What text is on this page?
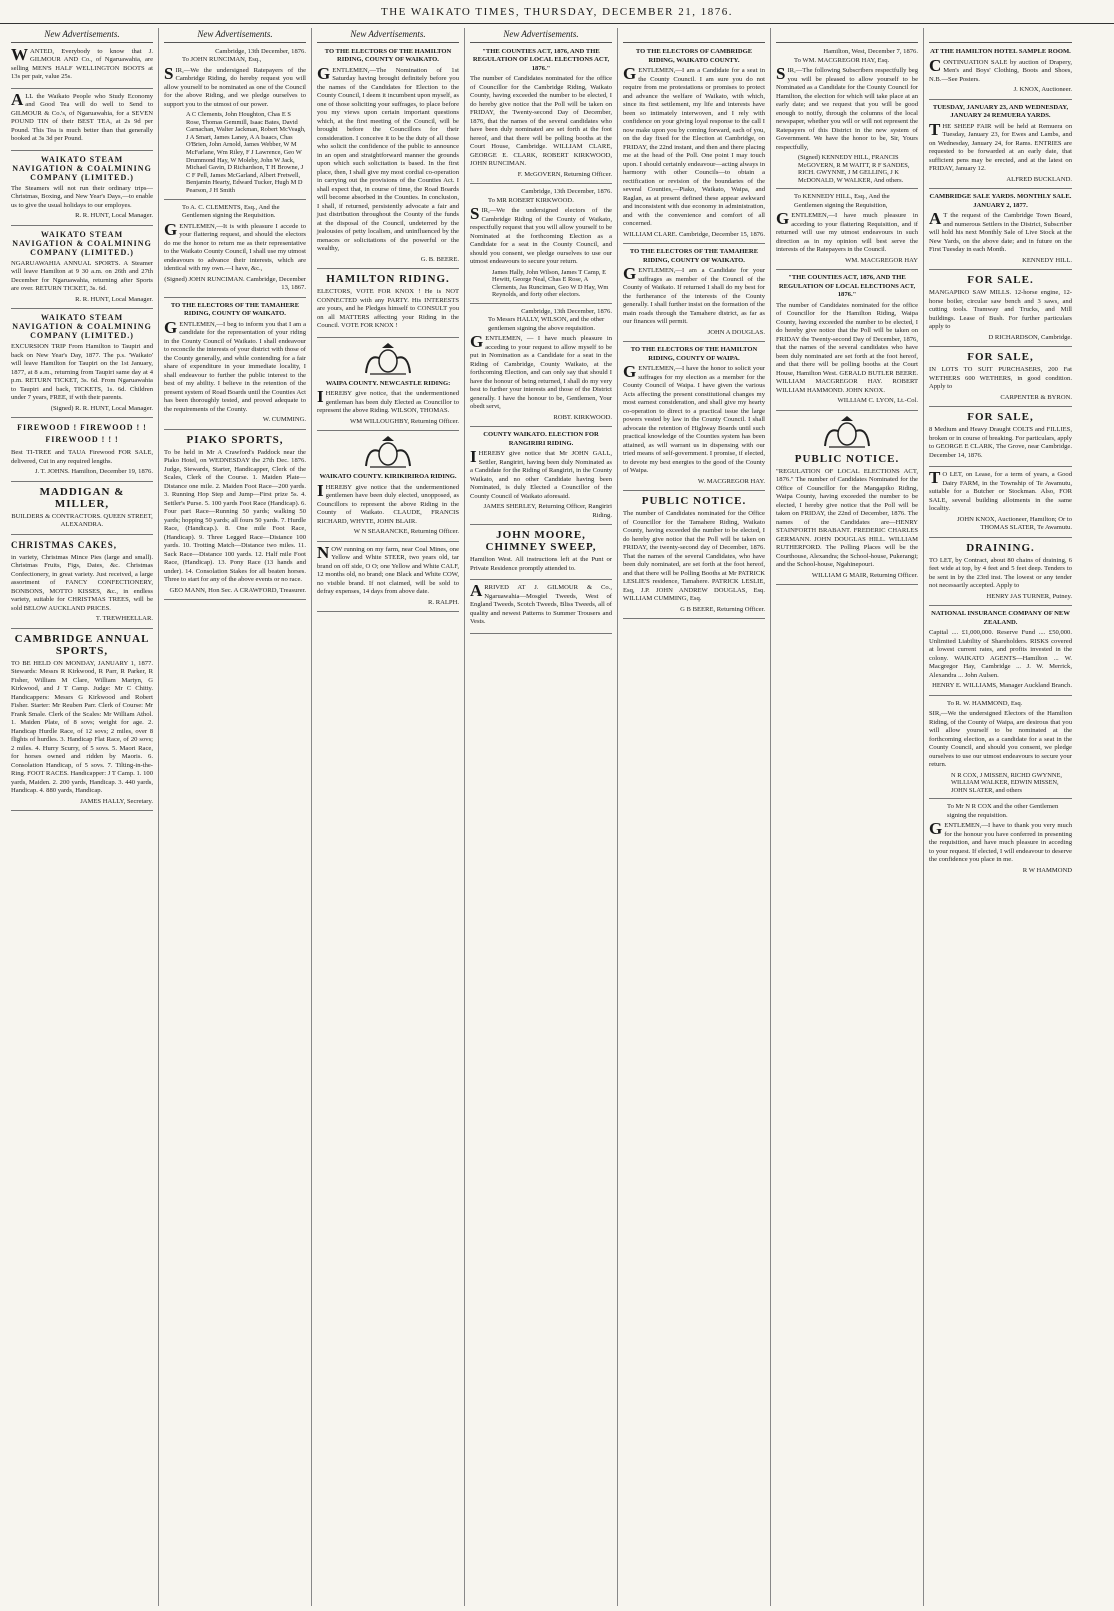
THE WAIKATO TIMES, THURSDAY, DECEMBER 21, 1876.
New Advertisements.

WANTED, Everybody to know that J. GILMOUR AND Co., of Ngaruawahia, are selling MEN'S HALF WELLINGTON BOOTS at 13s per pair, value 25s.

ALL the Waikato People who Study Economy and Good Tea will do well to Send to GILMOUR & Co.'s, of Ngaruawahia, for a SEVEN POUND TIN of their BEST TEA, at 2s 9d per Pound. This Tea is much better than that generally booked at 3s 3d per Pound.

WAIKATO STEAM NAVIGATION & COALMINING COMPANY (LIMITED.)

The Steamers will not run their ordinary trips—Christmas, Boxing, and New Year's Days,—to enable us to give the usual holidays to our employes.

R. R. HUNT, Local Manager.

WAIKATO STEAM NAVIGATION & COALMINING COMPANY (LIMITED.)

NGARUAWAHIA ANNUAL SPORTS. A Steamer will leave Hamilton at 9 30 a.m. on 26th and 27th December for Ngaruawahia, returning after Sports are over. RETURN TICKET, 3s. 6d.

R. R. HUNT, Local Manager.

WAIKATO STEAM NAVIGATION & COALMINING COMPANY (LIMITED.)

EXCURSION TRIP From Hamilton to Taupiri and back on New Year's Day, 1877. The p.s. 'Waikato' will leave Hamilton for Taupiri on the 1st January, 1877, at 8 a.m., returning from Taupiri same day at 4 p.m. RETURN TICKET, 3s. 6d. From Ngaruawahia to Taupiri and back, TICKETS, 1s. 6d. Children under 7 years, FREE, if with their parents.

(Signed) R. R. HUNT, Local Manager.

FIREWOOD ! FIREWOOD ! ! FIREWOOD ! ! !

Best TI-TREE and TAUA Firewood FOR SALE, delivered, Cut in any required lengths.

J. T. JOHNS. Hamilton, December 19, 1876.

MADDIGAN & MILLER,

BUILDERS & CONTRACTORS. QUEEN STREET, ALEXANDRA.

CHRISTMAS CAKES,

in variety, Christmas Mince Pies (large and small). Christmas Fruits, Figs, Dates, &c. Christmas Confectionery, in great variety. Just received, a large assortment of FANCY CONFECTIONERY, BONBONS, MOTTO KISSES, &c., in endless variety, suitable for CHRISTMAS TREES, will be sold BELOW AUCKLAND PRICES.

T. TREWHEELLAR.

CAMBRIDGE ANNUAL SPORTS,

TO BE HELD ON MONDAY, JANUARY 1, 1877. Stewards: Messrs R Kirkwood, R Parr, R Parker, R Fisher, William M Clare, William Martyn, G Kirkwood, and J T Camp. Judge: Mr C Chitty. Handicappers: Messrs G Kirkwood and Robert Fisher. Starter: Mr Reuben Parr. Clerk of Course: Mr Frank Smale. Clerk of the Scales: Mr William Athol. 1. Maiden Plate, of 8 sovs; weight for age. 2. Handicap Hurdle Race, of 12 sovs; 2 miles, over 8 flights of hurdles. 3. Handicap Flat Race, of 20 sovs; 2 miles. 4. Hurry Scurry, of 5 sovs. 5. Maori Race, for horses owned and ridden by Maoris. 6. Consolation Handicap, of 5 sovs. 7. Tilting-in-the-Ring. FOOT RACES. Handicapper: J T Camp. 1. 100 yards, Maiden. 2. 200 yards, Handicap. 3. 440 yards, Handicap. 4. 880 yards, Handicap.

JAMES HALLY, Secretary.

New Advertisements.

Cambridge, 13th December, 1876.

To JOHN RUNCIMAN, Esq.,

SIR,—We the undersigned Ratepayers of the Cambridge Riding, do hereby request you will allow yourself to be nominated as one of the Council for the above Riding, and we pledge ourselves to support you to the utmost of our power.

A C Clements, John Houghton, Chas E S Rose, Thomas Gemmill, Isaac Bates, David Carnachan, Walter Jackman, Robert McVeagh, J A Smart, James Laney, A A Isaacs, Chas O'Brien, John Arnold, James Webber, W M McFarlane, Wm Riley, F J Lawrence, Geo W Drummond Hay, W Moleby, John W Jack, Michael Gavin, D Richardson, T H Browne, J C F Pell, James McGarland, Albert Fretwell, Benjamin Hearty, Edward Tucker, Hugh M D Pearson, J H Smith

To A. C. CLEMENTS, Esq., And the Gentlemen signing the Requisition.

GENTLEMEN,—It is with pleasure I accede to your flattering request, and should the electors do me the honor to return me as their representative to the Waikato County Council, I shall use my utmost endeavours to advance their interests, which are identical with my own.—I have, &c.,

(Signed) JOHN RUNCIMAN. Cambridge, December 13, 1867.

TO THE ELECTORS OF THE TAMAHERE RIDING, COUNTY OF WAIKATO.

GENTLEMEN,—I beg to inform you that I am a candidate for the representation of your riding in the County Council of Waikato. I shall endeavour to reconcile the interests of your district with those of the County generally, and while contending for a fair share of expenditure in your immediate locality, I shall endeavour to further the public interest to the best of my ability. I believe in the retention of the present system of Road Boards until the Counties Act has been thoroughly tested, and proved adequate to the requirements of the County.

W. CUMMING.

PIAKO SPORTS,

To be held in Mr A Crawford's Paddock near the Piako Hotel, on WEDNESDAY the 27th Dec. 1876. Judge, Stewards, Starter, Handicapper, Clerk of the Scales, Clerk of the Course. 1. Maiden Plate—Distance one mile. 2. Maiden Foot Race—200 yards. 3. Running Hop Step and Jump—First prize 5s. 4. Settler's Purse. 5. 100 yards Foot Race (Handicap). 6. Four part Race—Running 50 yards; walking 50 yards; hopping 50 yards; all fours 50 yards. 7. Hurdle Race, (Handicap.). 8. One mile Foot Race, (Handicap). 9. Three Legged Race—Distance 100 yards. 10. Trotting Match—Distance two miles. 11. Sack Race—Distance 100 yards. 12. Half mile Foot Race, (Handicap). 13. Pony Race (13 hands and under). 14. Consolation Stakes for all beaten horses. Three to start for any of the above events or no race.

GEO MANN, Hon Sec. A CRAWFORD, Treasurer.

New Advertisements.
TO THE ELECTORS OF THE HAMILTON RIDING, COUNTY OF WAIKATO.

GENTLEMEN,—The Nomination of 1st Saturday having brought definitely before you the names of the Candidates for Election to the County Council, I deem it incumbent upon myself, as one of those soliciting your suffrages, to place before you my views upon certain important questions which, at the first meeting of the Council, will be brought before the Councillors for their consideration. I conceive it to be the duty of all those who solicit the confidence of the public to announce in an open and straightforward manner the grounds upon which such solicitation is based. In the first place, then, I shall give my most cordial co-operation in carrying out the provisions of the Counties Act. I shall expect that, in course of time, the Road Boards will become absorbed in the Counties. In conclusion, I shall, if returned, persistently advocate a fair and just distribution throughout the County of the funds at the disposal of the Council, undeterred by the jealousies of petty localism, and uninfluenced by the menaces or solicitations of the powerful or the wealthy,

G. B. BEERE.

HAMILTON RIDING.

ELECTORS, VOTE FOR KNOX ! He is NOT CONNECTED with any PARTY. His INTERESTS are yours, and he Pledges himself to CONSULT you on all MATTERS affecting your Riding in the Council. VOTE FOR KNOX !

WAIPA COUNTY. NEWCASTLE RIDING:

IHEREBY give notice, that the undermentioned gentleman has been duly Elected as Councillor to represent the above Riding. WILSON, THOMAS.

WM WILLOUGHBY, Returning Officer.

WAIKATO COUNTY. KIRIKIRIROA RIDING.

IHEREBY give notice that the undermentioned gentlemen have been duly elected, unopposed, as Councillors to represent the above Riding in the County of Waikato. CLAUDE, FRANCIS RICHARD, WHYTE, JOHN BLAIR.

W N SEARANCKE, Returning Officer.

NOW running on my farm, near Coal Mines, one Yellow and White STEER, two years old, tar brand on off side, O O; one Yellow and White CALF, 12 months old, no brand; one Black and White COW, no visible brand. If not claimed, will be sold to defray expenses, 14 days from above date.

R. RALPH.

New Advertisements.
"THE COUNTIES ACT, 1876, AND THE REGULATION OF LOCAL ELECTIONS ACT, 1876."

The number of Candidates nominated for the office of Councillor for the Cambridge Riding, Waikato County, having exceeded the number to be elected, I do hereby give notice that the Poll will be taken on FRIDAY, the Twenty-second Day of December, 1876, that the names of the several candidates who have been duly nominated are set forth at the foot hereof, and that there will be polling booths at the Court House, Cambridge. WILLIAM CLARE, GEORGE E. CLARK, ROBERT KIRKWOOD, JOHN RUNCIMAN.

F. McGOVERN, Returning Officer.

Cambridge, 13th December, 1876.

To MR ROBERT KIRKWOOD.

SIR,—We the undersigned electors of the Cambridge Riding of the County of Waikato, respectfully request that you will allow yourself to be Nominated at the forthcoming Election as a Candidate for a seat in the County Council, and should you consent, we pledge ourselves to use our utmost endeavours to secure your return.

James Hally, John Wilson, James T Camp, E Hewitt, George Neal, Chas E Rose, A Clements, Jas Runciman, Geo W D Hay, Wm Reynolds, and forty other electors.

Cambridge, 13th December, 1876.

To Messrs HALLY, WILSON, and the other gentlemen signing the above requisition.

GENTLEMEN, — I have much pleasure in acceding to your request to allow myself to be put in Nomination as a Candidate for a seat in the Riding of Cambridge, County Waikato, at the forthcoming Election, and can only say that should I have the honour of being returned, I shall do my very best to further your interests and those of the District generally. I have the honour to be, Gentlemen, Your obedt servt,

ROBT. KIRKWOOD.

COUNTY WAIKATO. ELECTION FOR RANGIRIRI RIDING.

IHEREBY give notice that Mr JOHN GALL, Settler, Rangiriri, having been duly Nominated as a Candidate for the Riding of Rangiriri, in the County Waikato, and no other Candidate having been Nominated, is duly Elected a Councillor of the County Council of Waikato aforesaid.

JAMES SHERLEY, Returning Officer, Rangiriri Riding.

JOHN MOORE, CHIMNEY SWEEP,

Hamilton West. All instructions left at the Punt or Private Residence promptly attended to.

ARRIVED AT J. GILMOUR & Co., Ngaruawahia—Mosgiel Tweeds, West of England Tweeds, Scotch Tweeds, Bliss Tweeds, all of quality and newest Patterns to Summer Trousers and Vests.

TO THE ELECTORS OF CAMBRIDGE RIDING, WAIKATO COUNTY.

GENTLEMEN,—I am a Candidate for a seat in the County Council. I am sure you do not require from me protestations or promises to protect and advance the welfare of Waikato, with which, since its first settlement, my life and interests have been so intimately interwoven, and I rely with confidence on your giving loyal response to the call I now make upon you by coming forward, each of you, on the day fixed for the Election at Cambridge, on FRIDAY, the 22nd instant, and then and there placing me at the head of the Poll. One point I may touch upon. I should certainly endeavour—acting always in harmony with other Councils—to obtain a rectification or revision of the boundaries of the several Counties,—Piako, Waikato, Waipa, and Raglan, as at present defined these appear awkward and inconsistent with due economy in administration, and with the convenience and comfort of all concerned.

WILLIAM CLARE. Cambridge, December 15, 1876.

TO THE ELECTORS OF THE TAMAHERE RIDING, COUNTY OF WAIKATO.

GENTLEMEN,—I am a Candidate for your suffrages as member of the Council of the County of Waikato. If returned I shall do my best for the furtherance of the interests of the County generally. I shall further insist on the formation of the main roads through the Tamahere district, as far as our finances will permit.

JOHN A DOUGLAS.

TO THE ELECTORS OF THE HAMILTON RIDING, COUNTY OF WAIPA.

GENTLEMEN,—I have the honor to solicit your suffrages for my election as a member for the County Council of Waipa. I have given the various Acts affecting the present constitutional changes my most earnest consideration, and shall give my hearty co-operation to direct to a practical issue the large powers vested by law in the County Council. I shall advocate the retention of Highway Boards until such practical knowledge of the Counties system has been attained, as will warrant us in dispensing with our tried means of self-government. I promise, if elected, to devote my best energies to the good of the County of Waipa.

W. MACGREGOR HAY.

PUBLIC NOTICE.

The number of Candidates nominated for the Office of Councillor for the Tamahere Riding, Waikato County, having exceeded the number to be elected, I do hereby give notice that the Poll will be taken on FRIDAY, the twenty-second day of December, 1876. That the names of the several Candidates, who have been duly nominated, are set forth at the foot hereof, and that there will be Polling Booths at Mr PATRICK LESLIE'S residence, Tamahere. PATRICK LESLIE, Esq, J.P. JOHN ANDREW DOUGLAS, Esq. WILLIAM CUMMING, Esq.

G B BEERE, Returning Officer.

Hamilton, West, December 7, 1876.

To WM. MACGREGOR HAY, Esq.

SIR,—The following Subscribers respectfully beg you will be pleased to allow yourself to be Nominated as a Candidate for the County Council for Hamilton, the election for which will take place at an early date; and we request that you will be good enough to notify, through the columns of the local newspaper, whether you will or will not represent the Ratepayers of this District in the new system of Government. We have the honor to be, Sir, Yours respectfully,

(Signed) KENNEDY HILL, FRANCIS McGOVERN, R M WAITT, R F SANDES, RICH. GWYNNE, J M GELLING, J K McDONALD, W WALKER, And others.

To KENNEDY HILL, Esq., And the Gentlemen signing the Requisition,

GENTLEMEN,—I have much pleasure in acceding to your flattering Requisition, and if returned will use my utmost endeavours in such direction as in my opinion will best serve the interests of the Ratepayers in the Council.

WM. MACGREGOR HAY

"THE COUNTIES ACT, 1876, AND THE REGULATION OF LOCAL ELECTIONS ACT, 1876."

The number of Candidates nominated for the office of Councillor for the Hamilton Riding, Waipa County, having exceeded the number to be elected, I do hereby give notice that the Poll will be taken on FRIDAY the Twenty-second Day of December, 1876, that the names of the several candidates who have been duly nominated are set forth at the foot hereof, and that there will be polling booths at the Court House, Hamilton West. GERALD BUTLER BEERE. WILLIAM MACGREGOR HAY. ROBERT WILLIAM HAMMOND. JOHN KNOX.

WILLIAM C. LYON, Lt.-Col.

PUBLIC NOTICE.

"REGULATION OF LOCAL ELECTIONS ACT, 1876." The number of Candidates Nominated for the Office of Councillor for the Mangapiko Riding, Waipa County, having exceeded the number to be elected, I hereby give notice that the Poll will be taken on FRIDAY, the 22nd of December, 1876. The names of the Candidates are—HENRY STAINFORTH BRABANT. FREDERIC CHARLES GERMANN. JOHN DOUGLAS HILL. WILLIAM RUTHERFORD. The Polling Places will be the Courthouse, Alexandra; the School-house, Pukerangi; and the School-house, Ngahinepouri.

WILLIAM G MAIR, Returning Officer.

AT THE HAMILTON HOTEL SAMPLE ROOM.

CONTINUATION SALE by auction of Drapery, Men's and Boys' Clothing, Boots and Shoes, N.B.—See Posters.

J. KNOX, Auctioneer.

TUESDAY, JANUARY 23, AND WEDNESDAY, JANUARY 24 REMUERA YARDS.

THE SHEEP FAIR will be held at Remuera on Tuesday, January 23, for Ewes and Lambs, and on Wednesday, January 24, for Rams. ENTRIES are requested to be forwarded at an early date, that sufficient pens may be erected, and at the latest on FRIDAY, January 12.

ALFRED BUCKLAND.

CAMBRIDGE SALE YARDS. MONTHLY SALE. JANUARY 2, 1877.

AT the request of the Cambridge Town Board, and numerous Settlers in the District, Subscriber will hold his next Monthly Sale of Live Stock at the New Yards, on the above date; and in future on the First Tuesday in each Month.

KENNEDY HILL.

FOR SALE.

MANGAPIKO SAW MILLS. 12-horse engine, 12-horse boiler, circular saw bench and 3 saws, and cutting tools. Tramway and Trucks, and Mill buildings. Lease of Bush. For further particulars apply to

D RICHARDSON, Cambridge.

FOR SALE,

IN LOTS TO SUIT PURCHASERS, 200 Fat WETHERS 600 WETHERS, in good condition. Apply to

CARPENTER & BYRON.

FOR SALE,

8 Medium and Heavy Draught COLTS and FILLIES, broken or in course of breaking. For particulars, apply to GEORGE E CLARK, The Grove, near Cambridge. December 14, 1876.

TO LET, on Lease, for a term of years, a Good Dairy FARM, in the Township of Te Awamutu, suitable for a Butcher or Stockman. Also, FOR SALE, several building allotments in the same locality.

JOHN KNOX, Auctioneer, Hamilton; Or to THOMAS SLATER, Te Awamutu.

DRAINING.

TO LET, by Contract, about 80 chains of draining, 6 feet wide at top, by 4 feet and 5 feet deep. Tenders to be sent in by the 23rd inst. The lowest or any tender not necessarily accepted. Apply to

HENRY JAS TURNER, Putney.

NATIONAL INSURANCE COMPANY OF NEW ZEALAND.

Capital .... £1,000,000. Reserve Fund .... £50,000. Unlimited Liability of Shareholders. RISKS covered at lowest current rates, and profits invested in the colony. WAIKATO AGENTS—Hamilton ... W. Macgregor Hay, Cambridge ... J. W. Merrick, Alexandra ... John Aulsen.

HENRY E. WILLIAMS, Manager Auckland Branch.

To R. W. HAMMOND, Esq.

SIR,—We the undersigned Electors of the Hamilton Riding, of the County of Waipa, are desirous that you will allow yourself to be nominated at the forthcoming election, as a candidate for a seat in the County Council, and should you consent, we pledge ourselves to use our utmost endeavours to secure your return.

N R COX, J MISSEN, RICHD GWYNNE, WILLIAM WALKER, EDWIN MISSEN, JOHN SLATER, and others

To Mr N R COX and the other Gentlemen signing the requisition.

GENTLEMEN,—I have to thank you very much for the honour you have conferred in presenting the requisition, and have much pleasure in acceding to your request. If elected, I will endeavour to deserve the confidence you place in me.

R W HAMMOND
